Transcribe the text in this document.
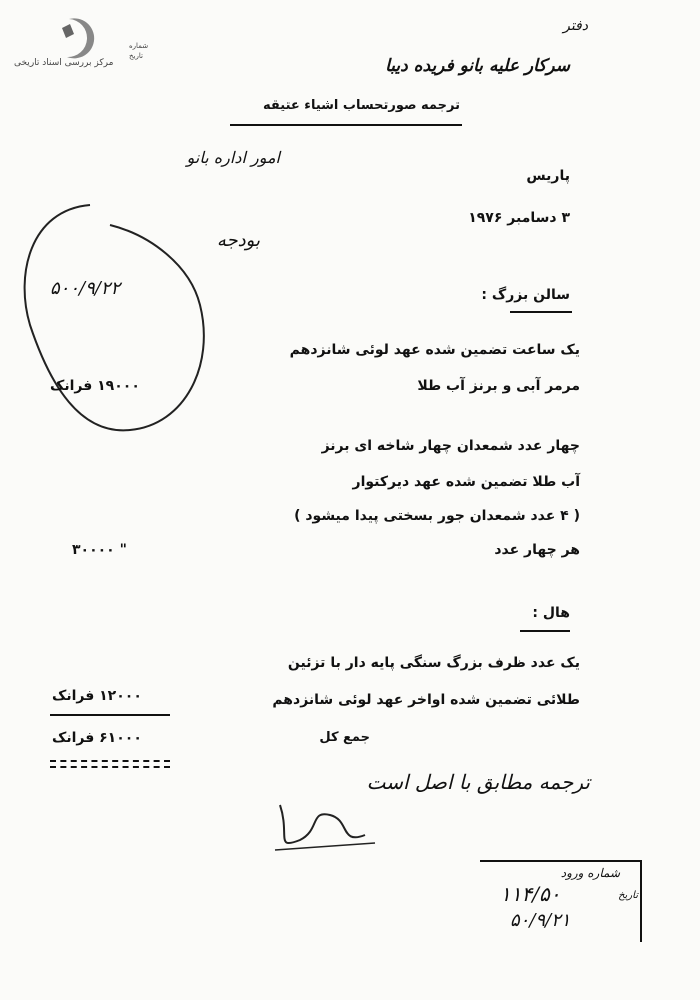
مرکز بررسی اسناد تاریخی
شماره
تاریخ
دفتر
سرکار علیه بانو فریده دیبا
ترجمه صورتحساب اشیاء عتیقه
امور اداره بانو
بودجه
۵۰۰/۹/۲۲
پاریس
۳ دسامبر ۱۹۷۶
سالن بزرگ :
یک ساعت تضمین شده عهد لوئی شانزدهم
مرمر آبی و برنز آب طلا
۱۹۰۰۰ فرانک
چهار عدد شمعدان چهار شاخه ای برنز
آب طلا تضمین شده عهد دیرکتوار
( ۴ عدد شمعدان جور بسختی پیدا میشود )
هر چهار عدد
۳۰۰۰۰ "
هال :
یک عدد ظرف بزرگ سنگی پایه دار با تزئین
طلائی تضمین شده اواخر عهد لوئی شانزدهم
۱۲۰۰۰ فرانک
جمع کل
۶۱۰۰۰ فرانک
ترجمه مطابق با اصل است
شماره ورود
۱۱۴/۵۰	تاریخ
۵۰/۹/۲۱
